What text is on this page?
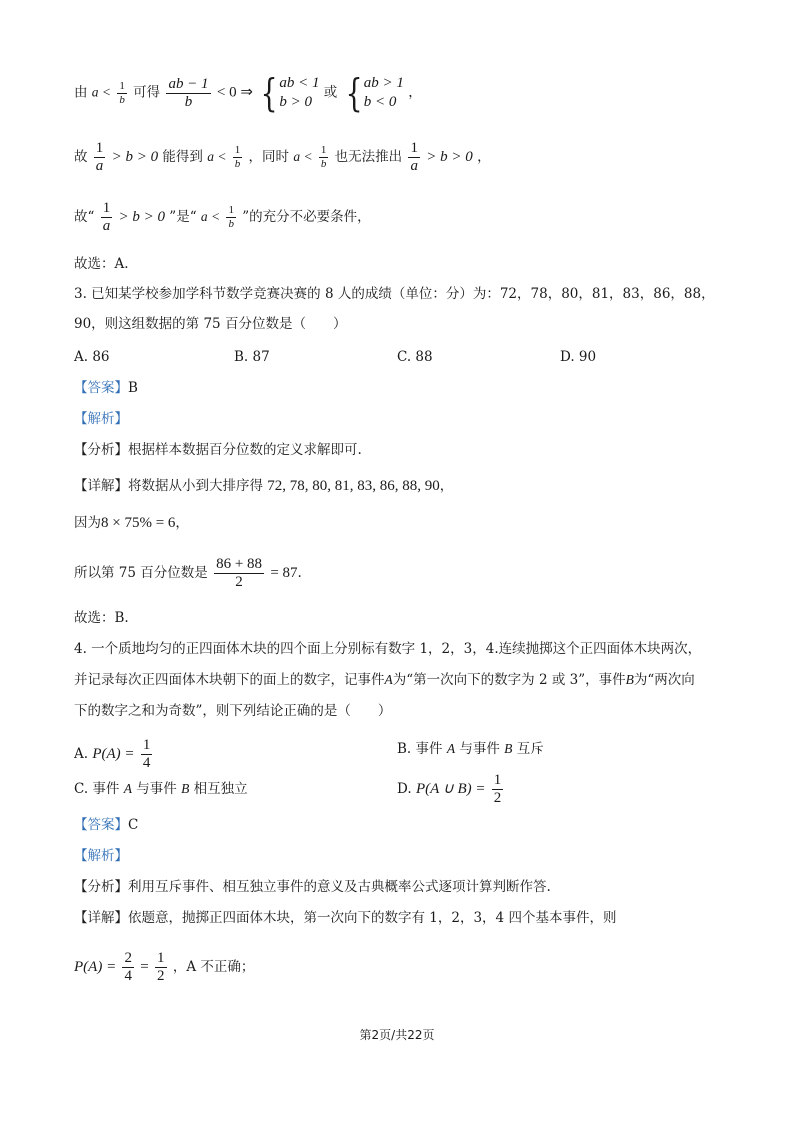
由 $a < \frac{1}{b}$ 可得 $\frac{ab - 1}{b} < 0$ ⇒ { ab < 1
b > 0
或 { ab > 1
b < 0
，
故 $\frac{1}{a} > b > 0$ 能得到 $a < \frac{1}{b}$ ，同时 $a < \frac{1}{b}$ 也无法推出 $\frac{1}{a} > b > 0$ ，
故“ $\frac{1}{a} > b > 0$ ”是“ $a < \frac{1}{b}$ ”的充分不必要条件，
故选：A.
3. 已知某学校参加学科节数学竞赛决赛的 8 人的成绩（单位：分）为：72，78，80，81，83，86，88，
90，则这组数据的第 75 百分位数是（　　）
A. 86	B. 87	C. 88	D. 90
【答案】B
【解析】
【分析】根据样本数据百分位数的定义求解即可.
【详解】将数据从小到大排序得 72, 78, 80, 81, 83, 86, 88, 90，
因为8 × 75% = 6，
所以第 75 百分位数是 $\frac{86 + 88}{2} = 87$.
故选：B.
4. 一个质地均匀的正四面体木块的四个面上分别标有数字 1，2，3，4.连续抛掷这个正四面体木块两次，
并记录每次正四面体木块朝下的面上的数字，记事件A为“第一次向下的数字为 2 或 3”，事件B为“两次向
下的数字之和为奇数”，则下列结论正确的是（　　）
A. $P(A) = \frac{1}{4}$	B. 事件 A 与事件 B 互斥
C. 事件 A 与事件 B 相互独立	D. P(A ∪ $B) = \frac{1}{2}$
【答案】C
【解析】
【分析】利用互斥事件、相互独立事件的意义及古典概率公式逐项计算判断作答.
【详解】依题意，抛掷正四面体木块，第一次向下的数字有 1，2，3，4 四个基本事件，则
$P(A) = \frac{2}{4} = \frac{1}{2}$ ，A 不正确；
第2页/共22页
